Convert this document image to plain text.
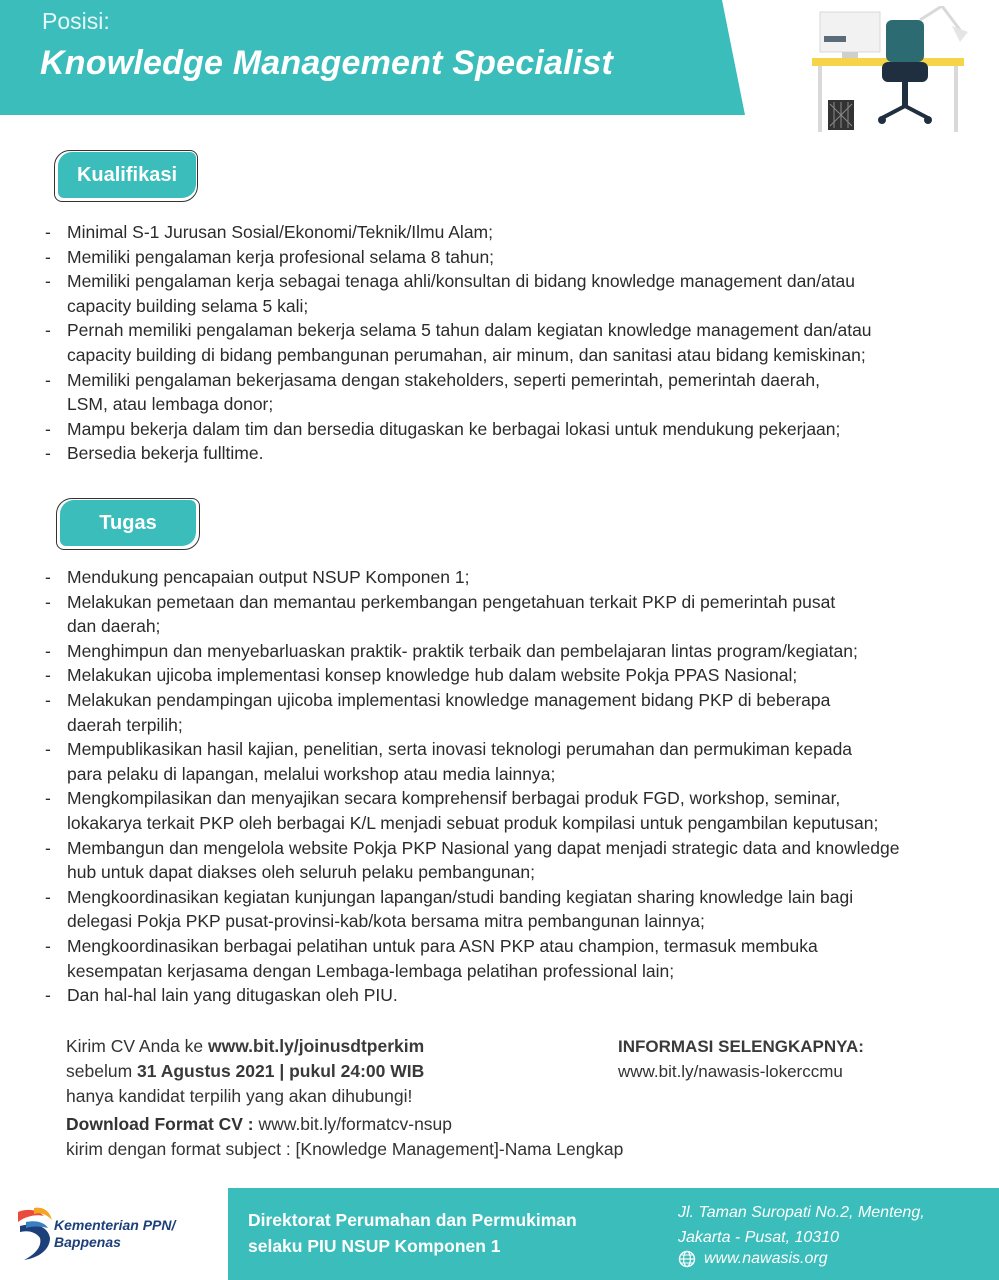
Posisi:
Knowledge Management Specialist
Kualifikasi
- Minimal S-1 Jurusan Sosial/Ekonomi/Teknik/Ilmu Alam;
- Memiliki pengalaman kerja profesional selama 8 tahun;
- Memiliki pengalaman kerja sebagai tenaga ahli/konsultan di bidang knowledge management dan/atau
capacity building selama 5 kali;
- Pernah memiliki pengalaman bekerja selama 5 tahun dalam kegiatan knowledge management dan/atau
capacity building di bidang pembangunan perumahan, air minum, dan sanitasi atau bidang kemiskinan;
- Memiliki pengalaman bekerjasama dengan stakeholders, seperti pemerintah, pemerintah daerah,
LSM, atau lembaga donor;
- Mampu bekerja dalam tim dan bersedia ditugaskan ke berbagai lokasi untuk mendukung pekerjaan;
- Bersedia bekerja fulltime.
Tugas
- Mendukung pencapaian output NSUP Komponen 1;
- Melakukan pemetaan dan memantau perkembangan pengetahuan terkait PKP di pemerintah pusat
dan daerah;
- Menghimpun dan menyebarluaskan praktik- praktik terbaik dan pembelajaran lintas program/kegiatan;
- Melakukan ujicoba implementasi konsep knowledge hub dalam website Pokja PPAS Nasional;
- Melakukan pendampingan ujicoba implementasi knowledge management bidang PKP di beberapa
daerah terpilih;
- Mempublikasikan hasil kajian, penelitian, serta inovasi teknologi perumahan dan permukiman kepada
para pelaku di lapangan, melalui workshop atau media lainnya;
- Mengkompilasikan dan menyajikan secara komprehensif berbagai produk FGD, workshop, seminar,
lokakarya terkait PKP oleh berbagai K/L menjadi sebuat produk kompilasi untuk pengambilan keputusan;
- Membangun dan mengelola website Pokja PKP Nasional yang dapat menjadi strategic data and knowledge
hub untuk dapat diakses oleh seluruh pelaku pembangunan;
- Mengkoordinasikan kegiatan kunjungan lapangan/studi banding kegiatan sharing knowledge lain bagi
delegasi Pokja PKP pusat-provinsi-kab/kota bersama mitra pembangunan lainnya;
- Mengkoordinasikan berbagai pelatihan untuk para ASN PKP atau champion, termasuk membuka
kesempatan kerjasama dengan Lembaga-lembaga pelatihan professional lain;
- Dan hal-hal lain yang ditugaskan oleh PIU.
Kirim CV Anda ke www.bit.ly/joinusdtperkim
sebelum 31 Agustus 2021 | pukul 24:00 WIB
hanya kandidat terpilih yang akan dihubungi!
INFORMASI SELENGKAPNYA:
www.bit.ly/nawasis-lokerccmu
Download Format CV : www.bit.ly/formatcv-nsup
kirim dengan format subject : [Knowledge Management]-Nama Lengkap
Kementerian PPN/
Bappenas
Direktorat Perumahan dan Permukiman
selaku PIU NSUP Komponen 1
Jl. Taman Suropati No.2, Menteng,
Jakarta - Pusat, 10310
www.nawasis.org
